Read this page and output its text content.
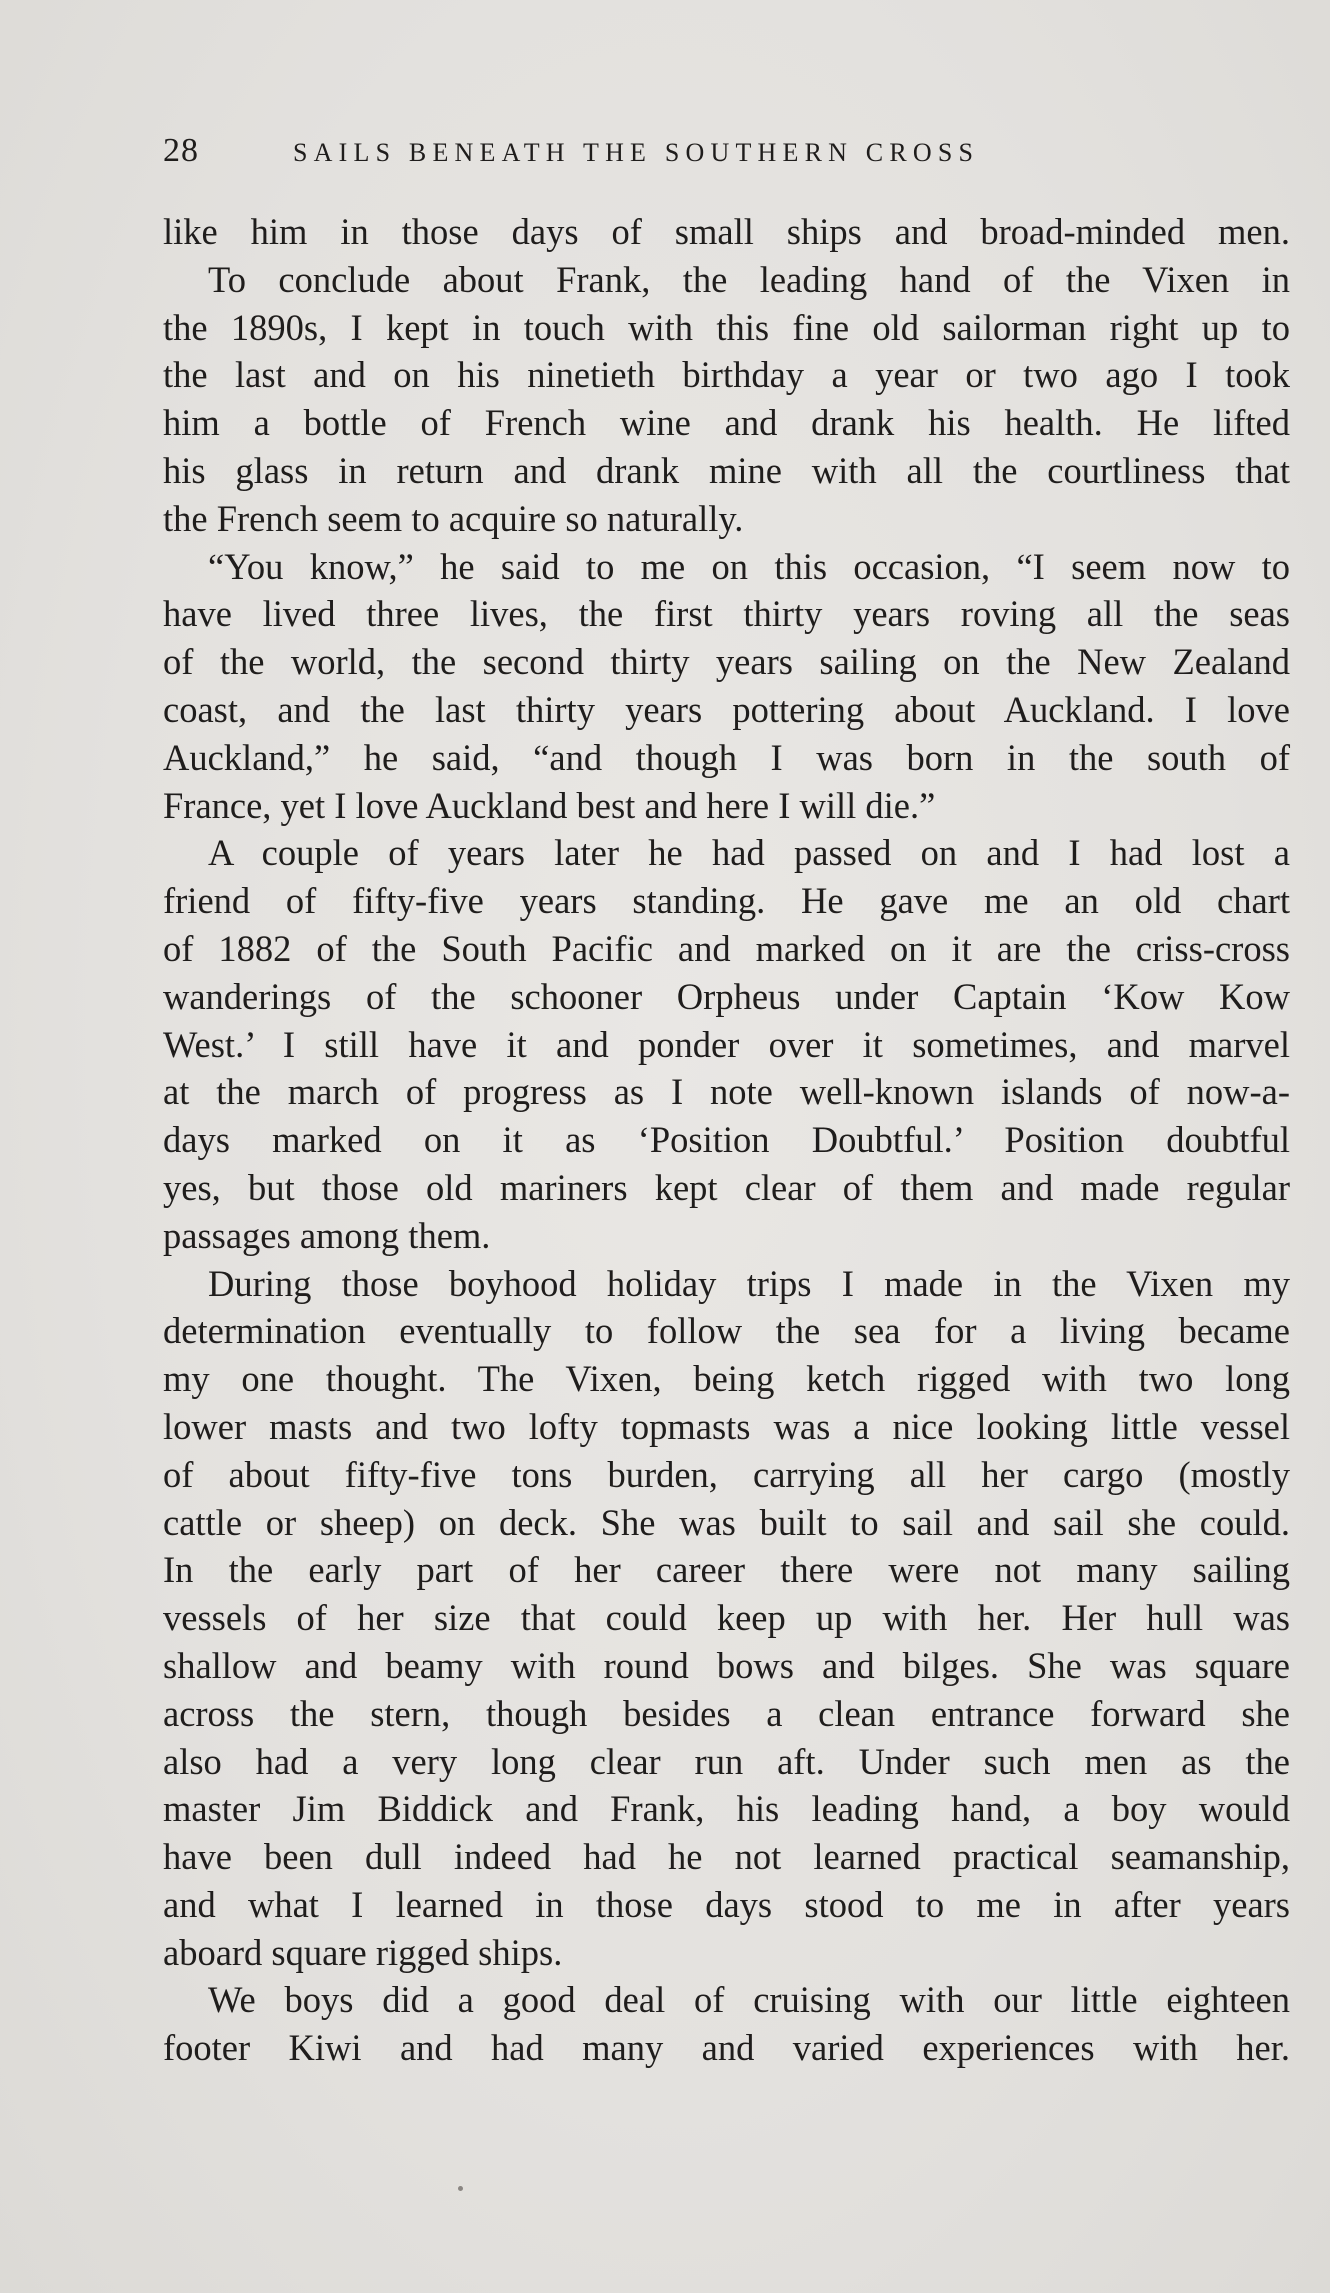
28	SAILS BENEATH THE SOUTHERN CROSS
like him in those days of small ships and broad-minded men.
To conclude about Frank, the leading hand of the Vixen in
the 1890s, I kept in touch with this fine old sailorman right up to
the last and on his ninetieth birthday a year or two ago I took
him a bottle of French wine and drank his health. He lifted
his glass in return and drank mine with all the courtliness that
the French seem to acquire so naturally.
“You know,” he said to me on this occasion, “I seem now to
have lived three lives, the first thirty years roving all the seas
of the world, the second thirty years sailing on the New Zealand
coast, and the last thirty years pottering about Auckland. I love
Auckland,” he said, “and though I was born in the south of
France, yet I love Auckland best and here I will die.”
A couple of years later he had passed on and I had lost a
friend of fifty-five years standing. He gave me an old chart
of 1882 of the South Pacific and marked on it are the criss-cross
wanderings of the schooner Orpheus under Captain ‘Kow Kow
West.’ I still have it and ponder over it sometimes, and marvel
at the march of progress as I note well-known islands of now-a-
days marked on it as ‘Position Doubtful.’ Position doubtful
yes, but those old mariners kept clear of them and made regular
passages among them.
During those boyhood holiday trips I made in the Vixen my
determination eventually to follow the sea for a living became
my one thought. The Vixen, being ketch rigged with two long
lower masts and two lofty topmasts was a nice looking little vessel
of about fifty-five tons burden, carrying all her cargo (mostly
cattle or sheep) on deck. She was built to sail and sail she could.
In the early part of her career there were not many sailing
vessels of her size that could keep up with her. Her hull was
shallow and beamy with round bows and bilges. She was square
across the stern, though besides a clean entrance forward she
also had a very long clear run aft. Under such men as the
master Jim Biddick and Frank, his leading hand, a boy would
have been dull indeed had he not learned practical seamanship,
and what I learned in those days stood to me in after years
aboard square rigged ships.
We boys did a good deal of cruising with our little eighteen
footer Kiwi and had many and varied experiences with her.
